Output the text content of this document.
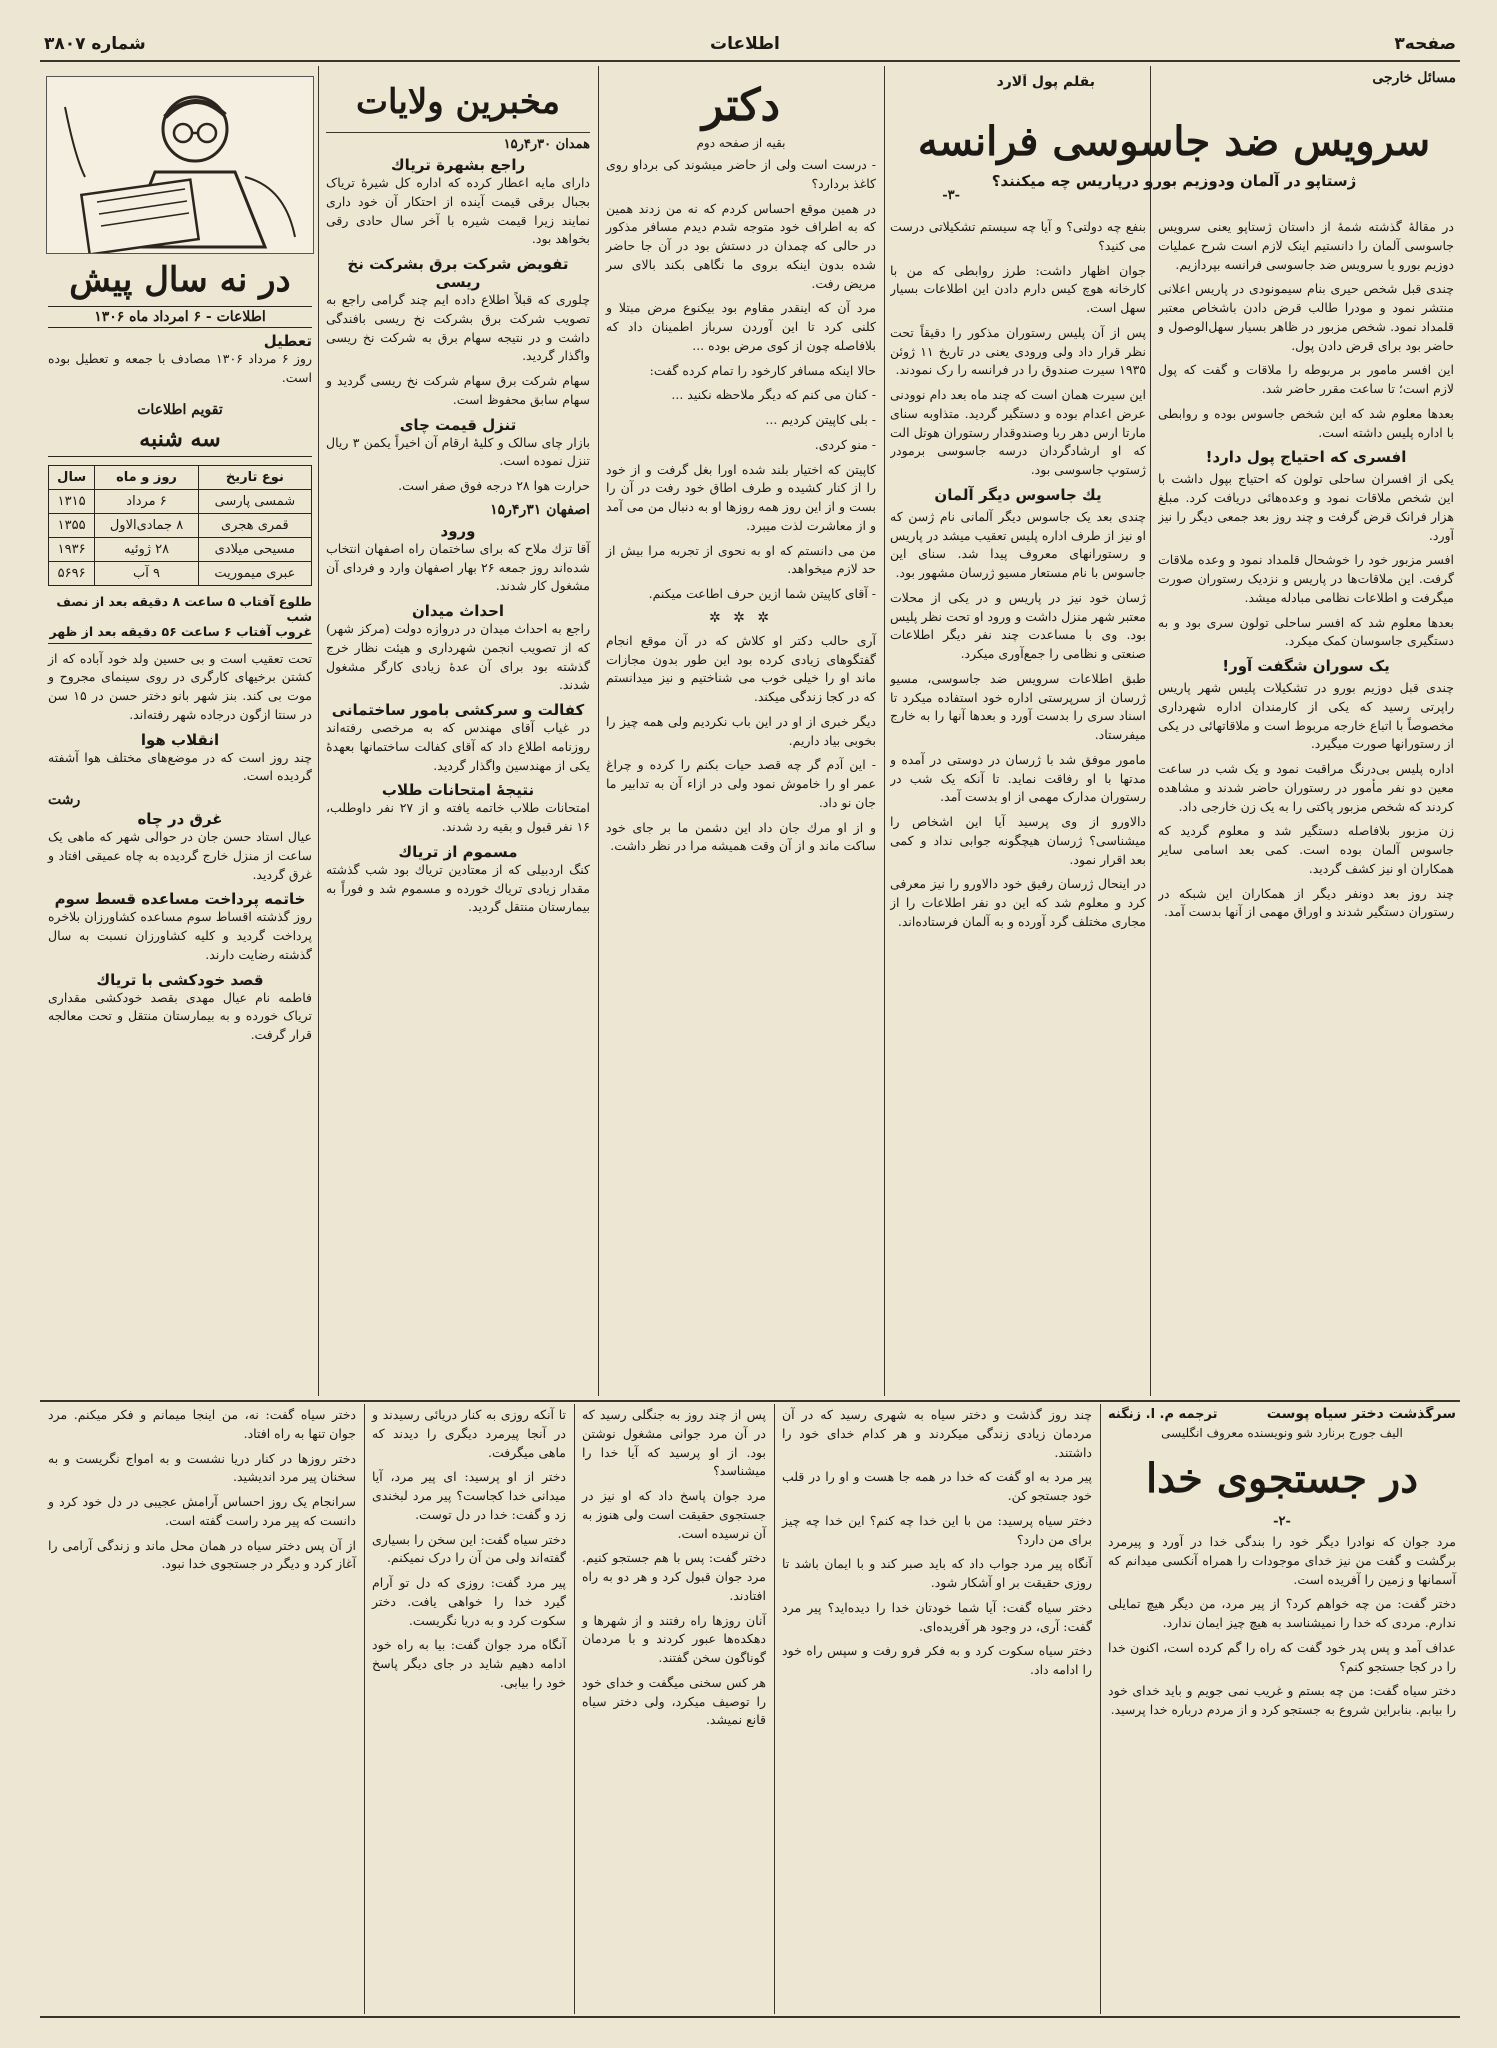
صفحه۳
اطلاعات
شماره ۳۸۰۷
مسائل خارجی
سرویس ضد جاسوسی فرانسه
ژستاپو در آلمان ودوزیم بورو درپاریس چه میکنند؟
بقلم پول آلارد

در مقالهٔ گذشته شمهٔ از داستان ژستاپو یعنی سرویس جاسوسی آلمان را دانستیم اینک لازم است شرح عملیات دوزیم بورو یا سرویس ضد جاسوسی فرانسه بپردازیم.

چندی قبل شخص حیری بنام سیمونودی در پاریس اعلانی منتشر نمود و مودرا طالب قرض دادن باشخاص معتبر قلمداد نمود. شخص مزبور در ظاهر بسیار سهل‌الوصول و حاضر بود برای قرض دادن پول.

این افسر مامور بر مربوطه را ملاقات و گفت که پول لازم است؛ تا ساعت مقرر حاضر شد.

بعدها معلوم شد که این شخص جاسوس بوده و روابطی با اداره پلیس داشته است.

افسری که احتیاج پول دارد!

یکی از افسران ساحلی تولون که احتیاج بپول داشت با این شخص ملاقات نمود و وعده‌هائی دریافت کرد. مبلغ هزار فرانک قرض گرفت و چند روز بعد جمعی دیگر را نیز آورد.

افسر مزبور خود را خوشحال قلمداد نمود و وعده ملاقات گرفت. این ملاقات‌ها در پاریس و نزدیک رستوران صورت میگرفت و اطلاعات نظامی مبادله میشد.

بعدها معلوم شد که افسر ساحلی تولون سری بود و به دستگیری جاسوسان کمک میکرد.

یک سوران شگفت آور!

چندی قبل دوزیم بورو در تشکیلات پلیس شهر پاریس راپرتی رسید که یکی از کارمندان اداره شهرداری مخصوصاً با اتباع خارجه مربوط است و ملاقاتهائی در یکی از رستورانها صورت میگیرد.

اداره پلیس بی‌درنگ مراقبت نمود و یک شب در ساعت معین دو نفر مأمور در رستوران حاضر شدند و مشاهده کردند که شخص مزبور پاکتی را به یک زن خارجی داد.

زن مزبور بلافاصله دستگیر شد و معلوم گردید که جاسوس آلمان بوده است. کمی بعد اسامی سایر همکاران او نیز کشف گردید.

چند روز بعد دونفر دیگر از همکاران این شبکه در رستوران دستگیر شدند و اوراق مهمی از آنها بدست آمد.

بنفع چه دولتی؟ و آیا چه سیستم تشکیلاتی درست می کنید؟

جوان اظهار داشت: طرز روابطی که من با کارخانه هوچ کیس دارم دادن این اطلاعات بسیار سهل است.

پس از آن پلیس رستوران مذکور را دقیقاً تحت نظر قرار داد ولی ورودی یعنی در تاریخ ۱۱ ژوئن ۱۹۳۵ سیرت صندوق را در فرانسه را رک نمودند.

این سیرت همان است که چند ماه بعد دام نوودنی عرض اعدام بوده و دستگیر گردید. متذاوبه سنای مارتا ارس دهر ربا وصندوقدار رستوران هوتل الت که او ارشادگردان درسه جاسوسی برمودر ژستوپ جاسوسی بود.

یك جاسوس دیگر آلمان

چندی بعد یک جاسوس دیگر آلمانی نام ژسن که او نیز از طرف اداره پلیس تعقیب میشد در پاریس و رستورانهای معروف پیدا شد. سنای این جاسوس با نام مستعار مسیو ژرسان مشهور بود.

ژسان خود نیز در پاریس و در یکی از محلات معتبر شهر منزل داشت و ورود او تحت نظر پلیس بود. وی با مساعدت چند نفر دیگر اطلاعات صنعتی و نظامی را جمع‌آوری میکرد.

طبق اطلاعات سرویس ضد جاسوسی، مسیو ژرسان از سرپرستی اداره خود استفاده میکرد تا اسناد سری را بدست آورد و بعدها آنها را به خارج میفرستاد.

مامور موفق شد با ژرسان در دوستی در آمده و مدتها با او رفاقت نماید. تا آنکه یک شب در رستوران مدارک مهمی از او بدست آمد.

دالاورو از وی پرسید آیا این اشخاص را میشناسی؟ ژرسان هیچگونه جوابی نداد و کمی بعد اقرار نمود.

در اینحال ژرسان رفیق خود دالاورو را نیز معرفی کرد و معلوم شد که این دو نفر اطلاعات را از مجاری مختلف گرد آورده و به آلمان فرستاده‌اند.

-۳-
دکتر
بقیه از صفحه دوم

- درست است ولی از حاضر میشوند کی برداو روی کاغذ بردارد؟

در همین موقع احساس کردم که نه من زدند همین که به اطراف خود متوجه شدم دیدم مسافر مذکور در حالی که چمدان در دستش بود در آن جا حاضر شده بدون اینکه بروی ما نگاهی بکند بالای سر مریض رفت.

مرد آن که اینقدر مقاوم بود بیکنوع مرض مبتلا و کلنی کرد تا این آوردن سرباز اطمینان داد که بلافاصله چون از کوی مرض بوده ...

حالا اینکه مسافر کارخود را تمام کرده گفت:

- کنان می کنم که دیگر ملاحظه نکنید ...

- بلی کاپیتن کردیم ...

- منو کردی.

کاپیتن که اختیار بلند شده اورا بغل گرفت و از خود را از کنار کشیده و طرف اطاق خود رفت در آن را بست و از این روز همه روزها او به دنبال من می آمد و از معاشرت لذت میبرد.

من می دانستم که او به نحوی از تجربه مرا بیش از حد لازم میخواهد.

- آقای کاپیتن شما ازین حرف اطاعت میکنم.

✲ ✲ ✲

آری حالب دکتر او کلاش که در آن موقع انجام گفتگوهای زیادی کرده بود این طور بدون مجازات ماند او را خیلی خوب می شناختیم و نیز میدانستم که در کجا زندگی میکند.

دیگر خبری از او در این باب نکردیم ولی همه چیز را بخوبی بیاد داریم.

- این آدم گر چه قصد حیات بکنم را کرده و چراغ عمر او را خاموش نمود ولی در ازاء آن به تدابیر ما جان نو داد.

و از او مرك جان داد این دشمن ما بر جای خود ساکت ماند و از آن وقت همیشه مرا در نظر داشت.

مخبرین ولایات
همدان ۳۰ر۴ر۱۵
راجع بشهرة تریاك

دارای مایه اعطار کرده که اداره کل شیرهٔ تریاک بجبال برقی قیمت آینده از احتکار آن خود داری نمایند زیرا قیمت شیره با آخر سال حادی رقی بخواهد بود.

تفویض شرکت برق بشرکت نخ ریسی

چلوری که قبلاً اطلاع داده ایم چند گرامی راجع به تصویب شرکت برق بشرکت نخ ریسی بافندگی داشت و در نتیجه سهام برق به شرکت نخ ریسی واگذار گردید.

سهام شرکت برق سهام شرکت نخ ریسی گردید و سهام سابق محفوظ است.

تنزل قیمت چای

بازار چای سالک و کلیهٔ ارقام آن اخیراً یکمن ۳ ریال تنزل نموده است.

حرارت هوا ۲۸ درجه فوق صفر است.

اصفهان ۳۱ر۴ر۱۵
ورود

آقا تزك ملاح که برای ساختمان راه اصفهان انتخاب شده‌اند روز جمعه ۲۶ بهار اصفهان وارد و فردای آن مشغول کار شدند.

احداث میدان

راجع به احداث میدان در دروازه دولت (مرکز شهر) که از تصویب انجمن شهرداری و هیئت نظار خرج گذشته بود برای آن عدهٔ زیادی کارگر مشغول شدند.

کفالت و سرکشی بامور ساختمانی

در غیاب آقای مهندس که به مرخصی رفته‌اند روزنامه اطلاع داد که آقای کفالت ساختمانها بعهدهٔ یکی از مهندسین واگذار گردید.

نتیجهٔ امتحانات طلاب

امتحانات طلاب خاتمه یافته و از ۲۷ نفر داوطلب، ۱۶ نفر قبول و بقیه رد شدند.

مسموم از تریاك

کنگ اردبیلی که از معتادین تریاك بود شب گذشته مقدار زیادی تریاك خورده و مسموم شد و فوراً به بیمارستان منتقل گردید.

در نه سال پیش
اطلاعات - ۶ امرداد ماه ۱۳۰۶
تعطیل

روز ۶ مرداد ۱۳۰۶ مصادف با جمعه و تعطیل بوده است.

تقویم اطلاعات
سه شنبه
نوع تاریخ	روز و ماه	سال
شمسی پارسی	۶ مرداد	۱۳۱۵
قمری هجری	۸ جمادی‌الاول	۱۳۵۵
مسیحی میلادی	۲۸ ژوئیه	۱۹۳۶
عبری میموریت	۹ آب	۵۶۹۶
طلوع آفتاب ۵ ساعت ۸ دقیقه بعد از نصف شب
غروب آفتاب ۶ ساعت ۵۶ دقیقه بعد از ظهر

تحت تعقیب است و بی حسین ولد خود آباده که از کشتن برخیهای کارگری در روی سینمای مجروح و موت بی کند. بنز شهر بانو دختر حسن در ۱۵ سن در سنتا ازگون درجاده شهر رفته‌اند.

انقلاب هوا

چند روز است که در موضع‌های مختلف هوا آشفته گردیده است.

رشت
غرق در چاه

عیال استاد حسن جان در حوالی شهر که ماهی یک ساعت از منزل خارج گردیده به چاه عمیقی افتاد و غرق گردید.

خاتمه پرداخت مساعده قسط سوم

روز گذشته اقساط سوم مساعده کشاورزان بلاخره پرداخت گردید و کلیه کشاورزان نسبت به سال گذشته رضایت دارند.

قصد خودکشی با تریاك

فاطمه نام عیال مهدی بقصد خودکشی مقداری تریاک خورده و به بیمارستان منتقل و تحت معالجه قرار گرفت.

سرگذشت دختر سیاه پوست
ترجمه م. ا. زنگنه
الیف جورج برنارد شو ونویسنده معروف انگلیسی
در جستجوی خدا
-۲-

مرد جوان که نوادرا دیگر خود را بندگی خدا در آورد و پیرمرد برگشت و گفت من نیز خدای موجودات را همراه آنکسی میدانم که آسمانها و زمین را آفریده است.

دختر گفت: من چه خواهم کرد؟ از پیر مرد، من دیگر هیچ تمایلی ندارم. مردی که خدا را نمیشناسد به هیچ چیز ایمان ندارد.

عداف آمد و پس پدر خود گفت که راه را گم کرده است، اکنون خدا را در کجا جستجو کنم؟

دختر سیاه گفت: من چه بستم و غریب نمی جویم و باید خدای خود را بیابم. بنابراین شروع به جستجو کرد و از مردم درباره خدا پرسید.

چند روز گذشت و دختر سیاه به شهری رسید که در آن مردمان زیادی زندگی میکردند و هر کدام خدای خود را داشتند.

پیر مرد به او گفت که خدا در همه جا هست و او را در قلب خود جستجو کن.

دختر سیاه پرسید: من با این خدا چه کنم؟ این خدا چه چیز برای من دارد؟

آنگاه پیر مرد جواب داد که باید صبر کند و با ایمان باشد تا روزی حقیقت بر او آشکار شود.

دختر سیاه گفت: آیا شما خودتان خدا را دیده‌اید؟ پیر مرد گفت: آری، در وجود هر آفریده‌ای.

دختر سیاه سکوت کرد و به فکر فرو رفت و سپس راه خود را ادامه داد.

پس از چند روز به جنگلی رسید که در آن مرد جوانی مشغول نوشتن بود. از او پرسید که آیا خدا را میشناسد؟

مرد جوان پاسخ داد که او نیز در جستجوی حقیقت است ولی هنوز به آن نرسیده است.

دختر گفت: پس با هم جستجو کنیم. مرد جوان قبول کرد و هر دو به راه افتادند.

آنان روزها راه رفتند و از شهرها و دهکده‌ها عبور کردند و با مردمان گوناگون سخن گفتند.

هر کس سخنی میگفت و خدای خود را توصیف میکرد، ولی دختر سیاه قانع نمیشد.

تا آنکه روزی به کنار دریائی رسیدند و در آنجا پیرمرد دیگری را دیدند که ماهی میگرفت.

دختر از او پرسید: ای پیر مرد، آیا میدانی خدا کجاست؟ پیر مرد لبخندی زد و گفت: خدا در دل توست.

دختر سیاه گفت: این سخن را بسیاری گفته‌اند ولی من آن را درک نمیکنم.

پیر مرد گفت: روزی که دل تو آرام گیرد خدا را خواهی یافت. دختر سکوت کرد و به دریا نگریست.

آنگاه مرد جوان گفت: بیا به راه خود ادامه دهیم شاید در جای دیگر پاسخ خود را بیابی.

دختر سیاه گفت: نه، من اینجا میمانم و فکر میکنم. مرد جوان تنها به راه افتاد.

دختر روزها در کنار دریا نشست و به امواج نگریست و به سخنان پیر مرد اندیشید.

سرانجام یک روز احساس آرامش عجیبی در دل خود کرد و دانست که پیر مرد راست گفته است.

از آن پس دختر سیاه در همان محل ماند و زندگی آرامی را آغاز کرد و دیگر در جستجوی خدا نبود.
